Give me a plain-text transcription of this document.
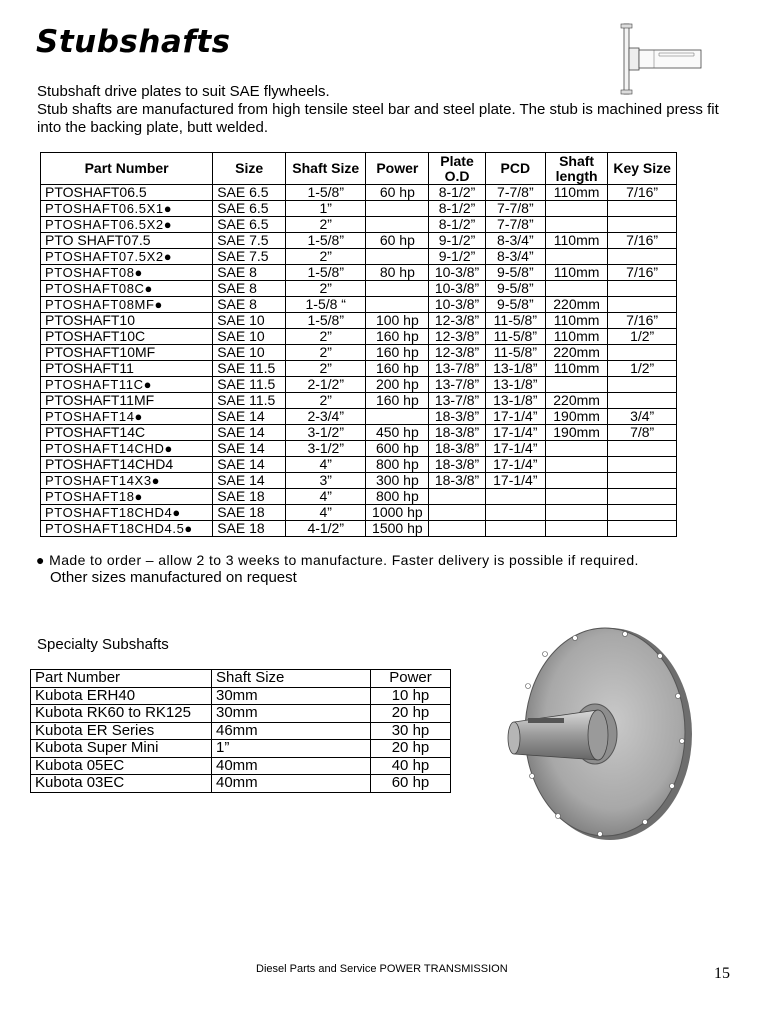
Stubshafts

Stubshaft drive plates to suit SAE flywheels.

Stub shafts are manufactured from high tensile steel bar and steel plate. The stub is machined press fit into the backing plate, butt welded.

Part Number	Size	Shaft Size	Power	Plate O.D	PCD	Shaft length	Key Size
PTOSHAFT06.5	SAE 6.5	1-5/8”	60 hp	8-1/2”	7-7/8”	110mm	7/16”
PTOSHAFT06.5X1●	SAE 6.5	1”		8-1/2”	7-7/8”		
PTOSHAFT06.5X2●	SAE 6.5	2”		8-1/2”	7-7/8”		
PTO SHAFT07.5	SAE 7.5	1-5/8”	60 hp	9-1/2”	8-3/4”	110mm	7/16”
PTOSHAFT07.5X2●	SAE 7.5	2”		9-1/2”	8-3/4”		
PTOSHAFT08●	SAE 8	1-5/8”	80 hp	10-3/8”	9-5/8”	110mm	7/16”
PTOSHAFT08C●	SAE 8	2”		10-3/8”	9-5/8”		
PTOSHAFT08MF●	SAE 8	1-5/8 “		10-3/8”	9-5/8”	220mm	
PTOSHAFT10	SAE 10	1-5/8”	100 hp	12-3/8”	11-5/8”	110mm	7/16”
PTOSHAFT10C	SAE 10	2”	160 hp	12-3/8”	11-5/8”	110mm	1/2”
PTOSHAFT10MF	SAE 10	2”	160 hp	12-3/8”	11-5/8”	220mm	
PTOSHAFT11	SAE 11.5	2”	160 hp	13-7/8”	13-1/8”	110mm	1/2”
PTOSHAFT11C●	SAE 11.5	2-1/2”	200 hp	13-7/8”	13-1/8”		
PTOSHAFT11MF	SAE 11.5	2”	160 hp	13-7/8”	13-1/8”	220mm	
PTOSHAFT14●	SAE 14	2-3/4”		18-3/8”	17-1/4”	190mm	3/4”
PTOSHAFT14C	SAE 14	3-1/2”	450 hp	18-3/8”	17-1/4”	190mm	7/8”
PTOSHAFT14CHD●	SAE 14	3-1/2”	600 hp	18-3/8”	17-1/4”		
PTOSHAFT14CHD4	SAE 14	4”	800 hp	18-3/8”	17-1/4”		
PTOSHAFT14X3●	SAE 14	3”	300 hp	18-3/8”	17-1/4”		
PTOSHAFT18●	SAE 18	4”	800 hp				
PTOSHAFT18CHD4●	SAE 18	4”	1000 hp				
PTOSHAFT18CHD4.5●	SAE 18	4-1/2”	1500 hp				
● Made to order – allow 2 to 3 weeks to manufacture. Faster delivery is possible if required.
Other sizes manufactured on request
Specialty Subshafts
Part Number	Shaft Size	Power
Kubota ERH40	30mm	10 hp
Kubota RK60 to RK125	30mm	20 hp
Kubota ER Series	46mm	30 hp
Kubota Super Mini	1”	20 hp
Kubota 05EC	40mm	40 hp
Kubota 03EC	40mm	60 hp
Diesel Parts and Service POWER TRANSMISSION	15
